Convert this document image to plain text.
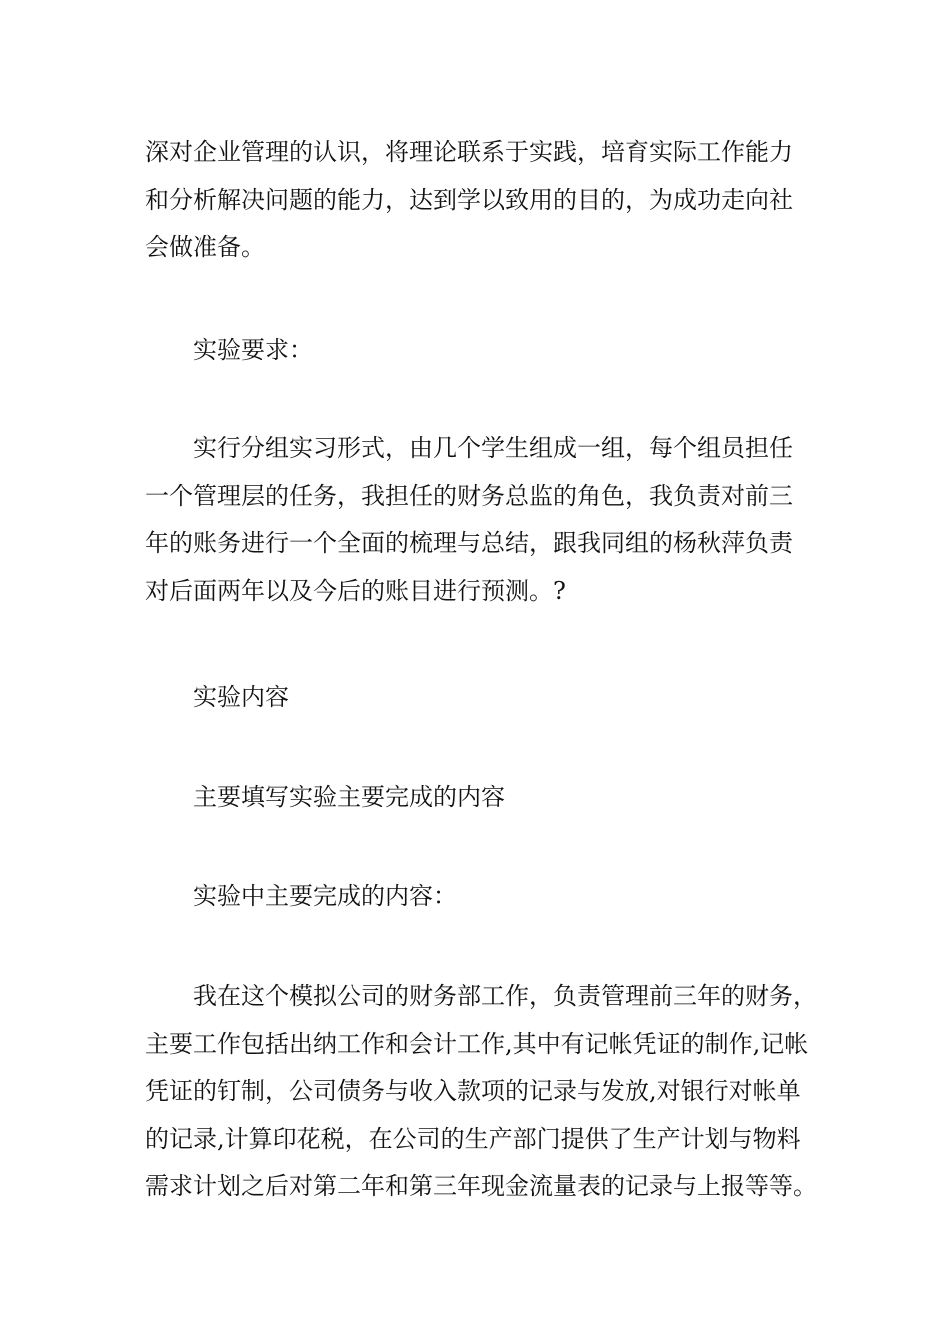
深对企业管理的认识，将理论联系于实践，培育实际工作能力
和分析解决问题的能力，达到学以致用的目的，为成功走向社
会做准备。
实验要求：
实行分组实习形式，由几个学生组成一组，每个组员担任
一个管理层的任务，我担任的财务总监的角色，我负责对前三
年的账务进行一个全面的梳理与总结，跟我同组的杨秋萍负责
对后面两年以及今后的账目进行预测。?
实验内容
主要填写实验主要完成的内容
实验中主要完成的内容：
我在这个模拟公司的财务部工作，负责管理前三年的财务，
主要工作包括出纳工作和会计工作,其中有记帐凭证的制作,记帐
凭证的钉制，公司债务与收入款项的记录与发放,对银行对帐单
的记录,计算印花税，在公司的生产部门提供了生产计划与物料
需求计划之后对第二年和第三年现金流量表的记录与上报等等。
